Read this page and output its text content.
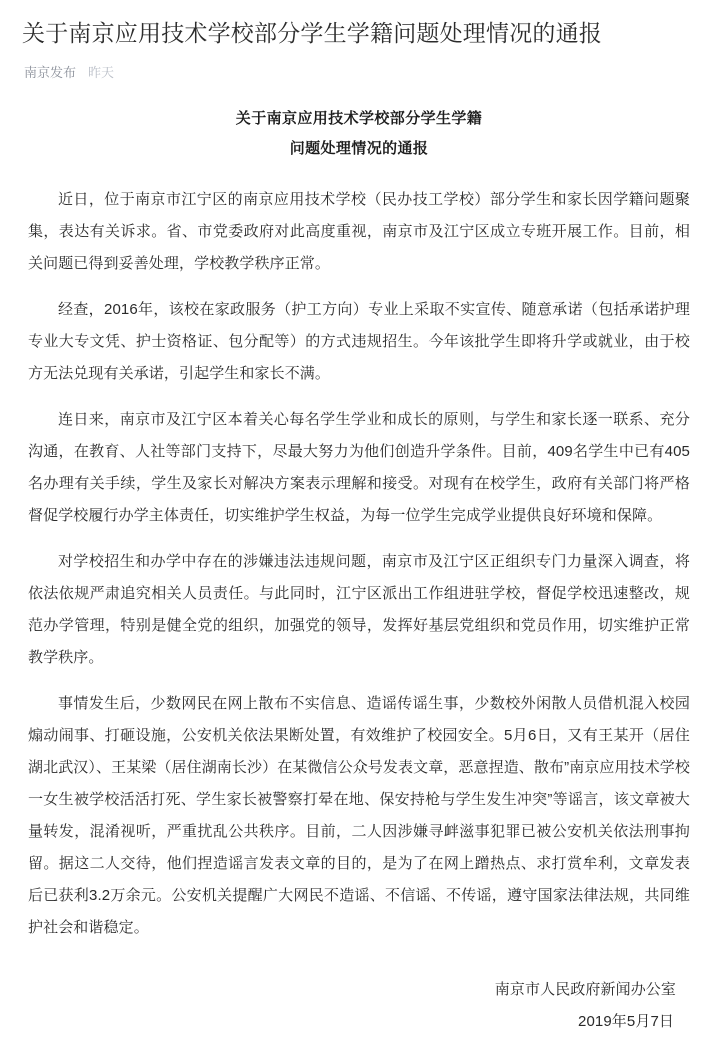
关于南京应用技术学校部分学生学籍问题处理情况的通报
南京发布 昨天
关于南京应用技术学校部分学生学籍
问题处理情况的通报

近日，位于南京市江宁区的南京应用技术学校（民办技工学校）部分学生和家长因学籍问题聚集，表达有关诉求。省、市党委政府对此高度重视，南京市及江宁区成立专班开展工作。目前，相关问题已得到妥善处理，学校教学秩序正常。

经查，2016年，该校在家政服务（护工方向）专业上采取不实宣传、随意承诺（包括承诺护理专业大专文凭、护士资格证、包分配等）的方式违规招生。今年该批学生即将升学或就业，由于校方无法兑现有关承诺，引起学生和家长不满。

连日来，南京市及江宁区本着关心每名学生学业和成长的原则，与学生和家长逐一联系、充分沟通，在教育、人社等部门支持下，尽最大努力为他们创造升学条件。目前，409名学生中已有405名办理有关手续，学生及家长对解决方案表示理解和接受。对现有在校学生，政府有关部门将严格督促学校履行办学主体责任，切实维护学生权益，为每一位学生完成学业提供良好环境和保障。

对学校招生和办学中存在的涉嫌违法违规问题，南京市及江宁区正组织专门力量深入调查，将依法依规严肃追究相关人员责任。与此同时，江宁区派出工作组进驻学校，督促学校迅速整改，规范办学管理，特别是健全党的组织，加强党的领导，发挥好基层党组织和党员作用，切实维护正常教学秩序。

事情发生后，少数网民在网上散布不实信息、造谣传谣生事，少数校外闲散人员借机混入校园煽动闹事、打砸设施，公安机关依法果断处置，有效维护了校园安全。5月6日，又有王某开（居住湖北武汉）、王某梁（居住湖南长沙）在某微信公众号发表文章，恶意捏造、散布”南京应用技术学校一女生被学校活活打死、学生家长被警察打晕在地、保安持枪与学生发生冲突”等谣言，该文章被大量转发，混淆视听，严重扰乱公共秩序。目前，二人因涉嫌寻衅滋事犯罪已被公安机关依法刑事拘留。据这二人交待，他们捏造谣言发表文章的目的，是为了在网上蹭热点、求打赏牟利，文章发表后已获利3.2万余元。公安机关提醒广大网民不造谣、不信谣、不传谣，遵守国家法律法规，共同维护社会和谐稳定。

南京市人民政府新闻办公室
2019年5月7日
